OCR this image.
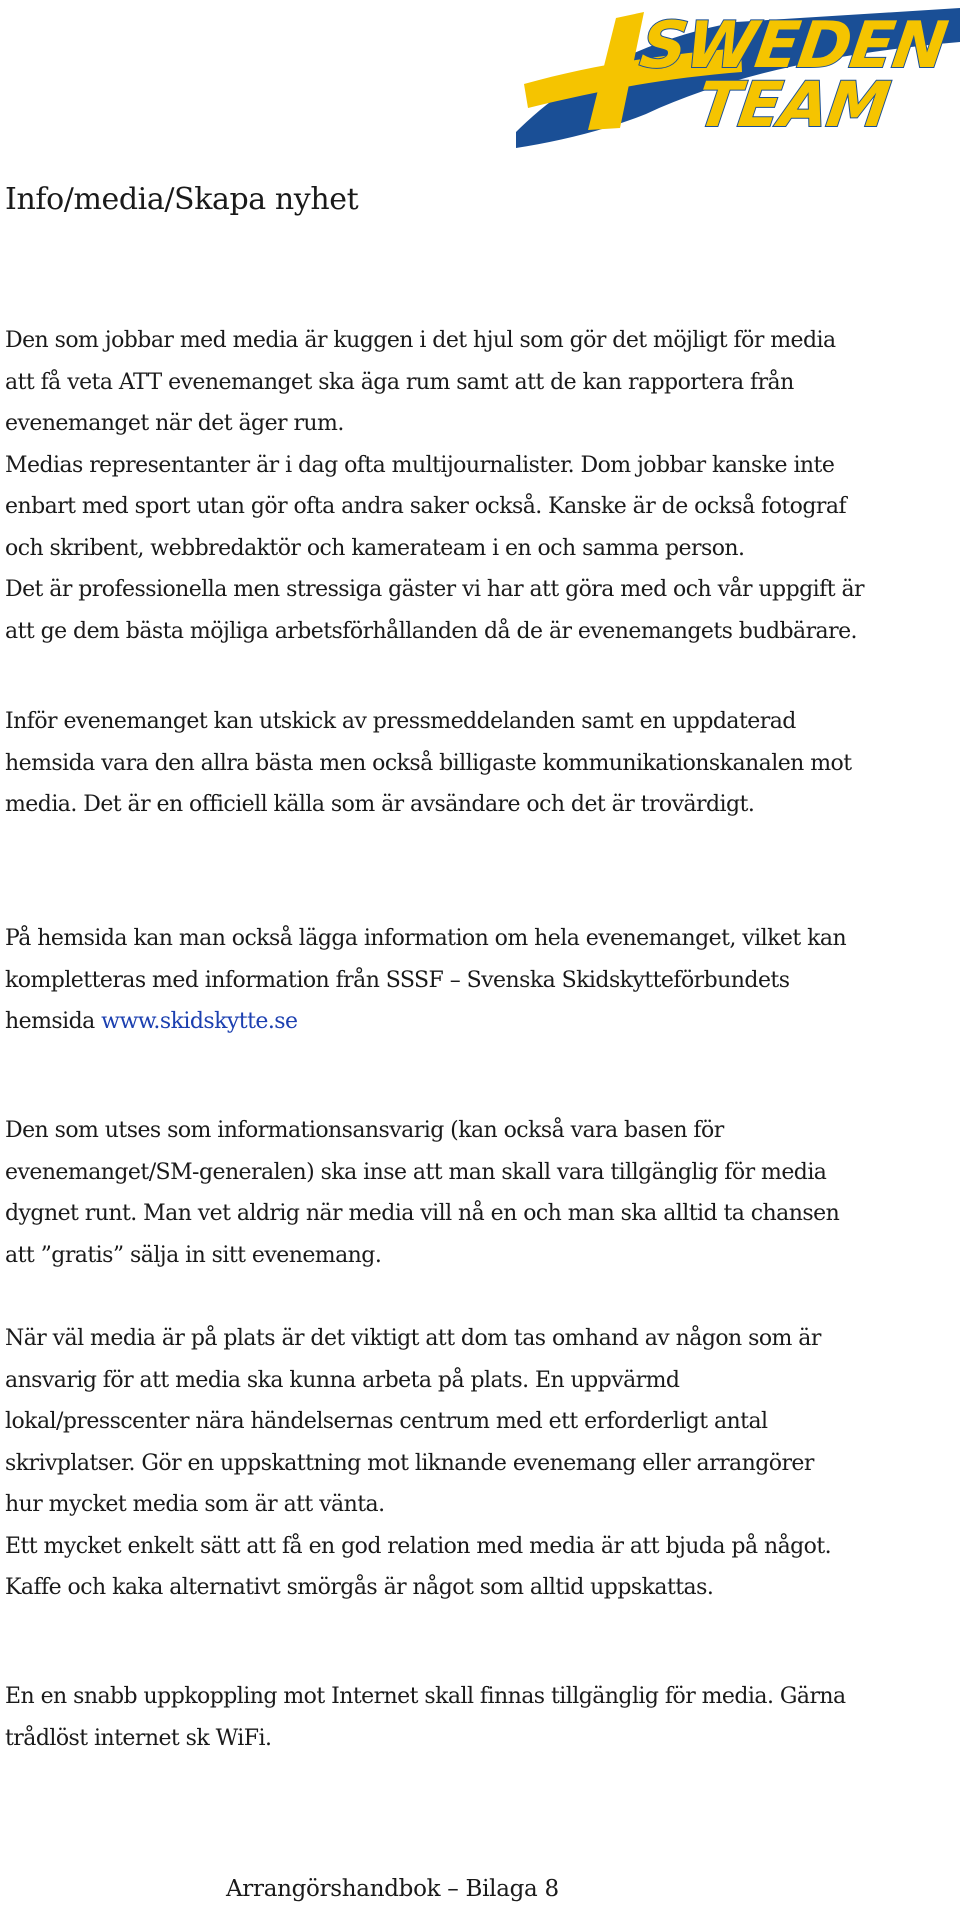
SWEDEN
TEAM
Info/media/Skapa nyhet

Den som jobbar med media är kuggen i det hjul som gör det möjligt för media
att få veta ATT evenemanget ska äga rum samt att de kan rapportera från
evenemanget när det äger rum.
Medias representanter är i dag ofta multijournalister. Dom jobbar kanske inte
enbart med sport utan gör ofta andra saker också. Kanske är de också fotograf
och skribent, webbredaktör och kamerateam i en och samma person.
Det är professionella men stressiga gäster vi har att göra med och vår uppgift är
att ge dem bästa möjliga arbetsförhållanden då de är evenemangets budbärare.

Inför evenemanget kan utskick av pressmeddelanden samt en uppdaterad
hemsida vara den allra bästa men också billigaste kommunikationskanalen mot
media. Det är en officiell källa som är avsändare och det är trovärdigt.

På hemsida kan man också lägga information om hela evenemanget, vilket kan
kompletteras med information från SSSF – Svenska Skidskytteförbundets
hemsida www.skidskytte.se

Den som utses som informationsansvarig (kan också vara basen för
evenemanget/SM-generalen) ska inse att man skall vara tillgänglig för media
dygnet runt. Man vet aldrig när media vill nå en och man ska alltid ta chansen
att ”gratis” sälja in sitt evenemang.

När väl media är på plats är det viktigt att dom tas omhand av någon som är
ansvarig för att media ska kunna arbeta på plats. En uppvärmd
lokal/presscenter nära händelsernas centrum med ett erforderligt antal
skrivplatser. Gör en uppskattning mot liknande evenemang eller arrangörer
hur mycket media som är att vänta.
Ett mycket enkelt sätt att få en god relation med media är att bjuda på något.
Kaffe och kaka alternativt smörgås är något som alltid uppskattas.

En en snabb uppkoppling mot Internet skall finnas tillgänglig för media. Gärna
trådlöst internet sk WiFi.

Arrangörshandbok – Bilaga 8
